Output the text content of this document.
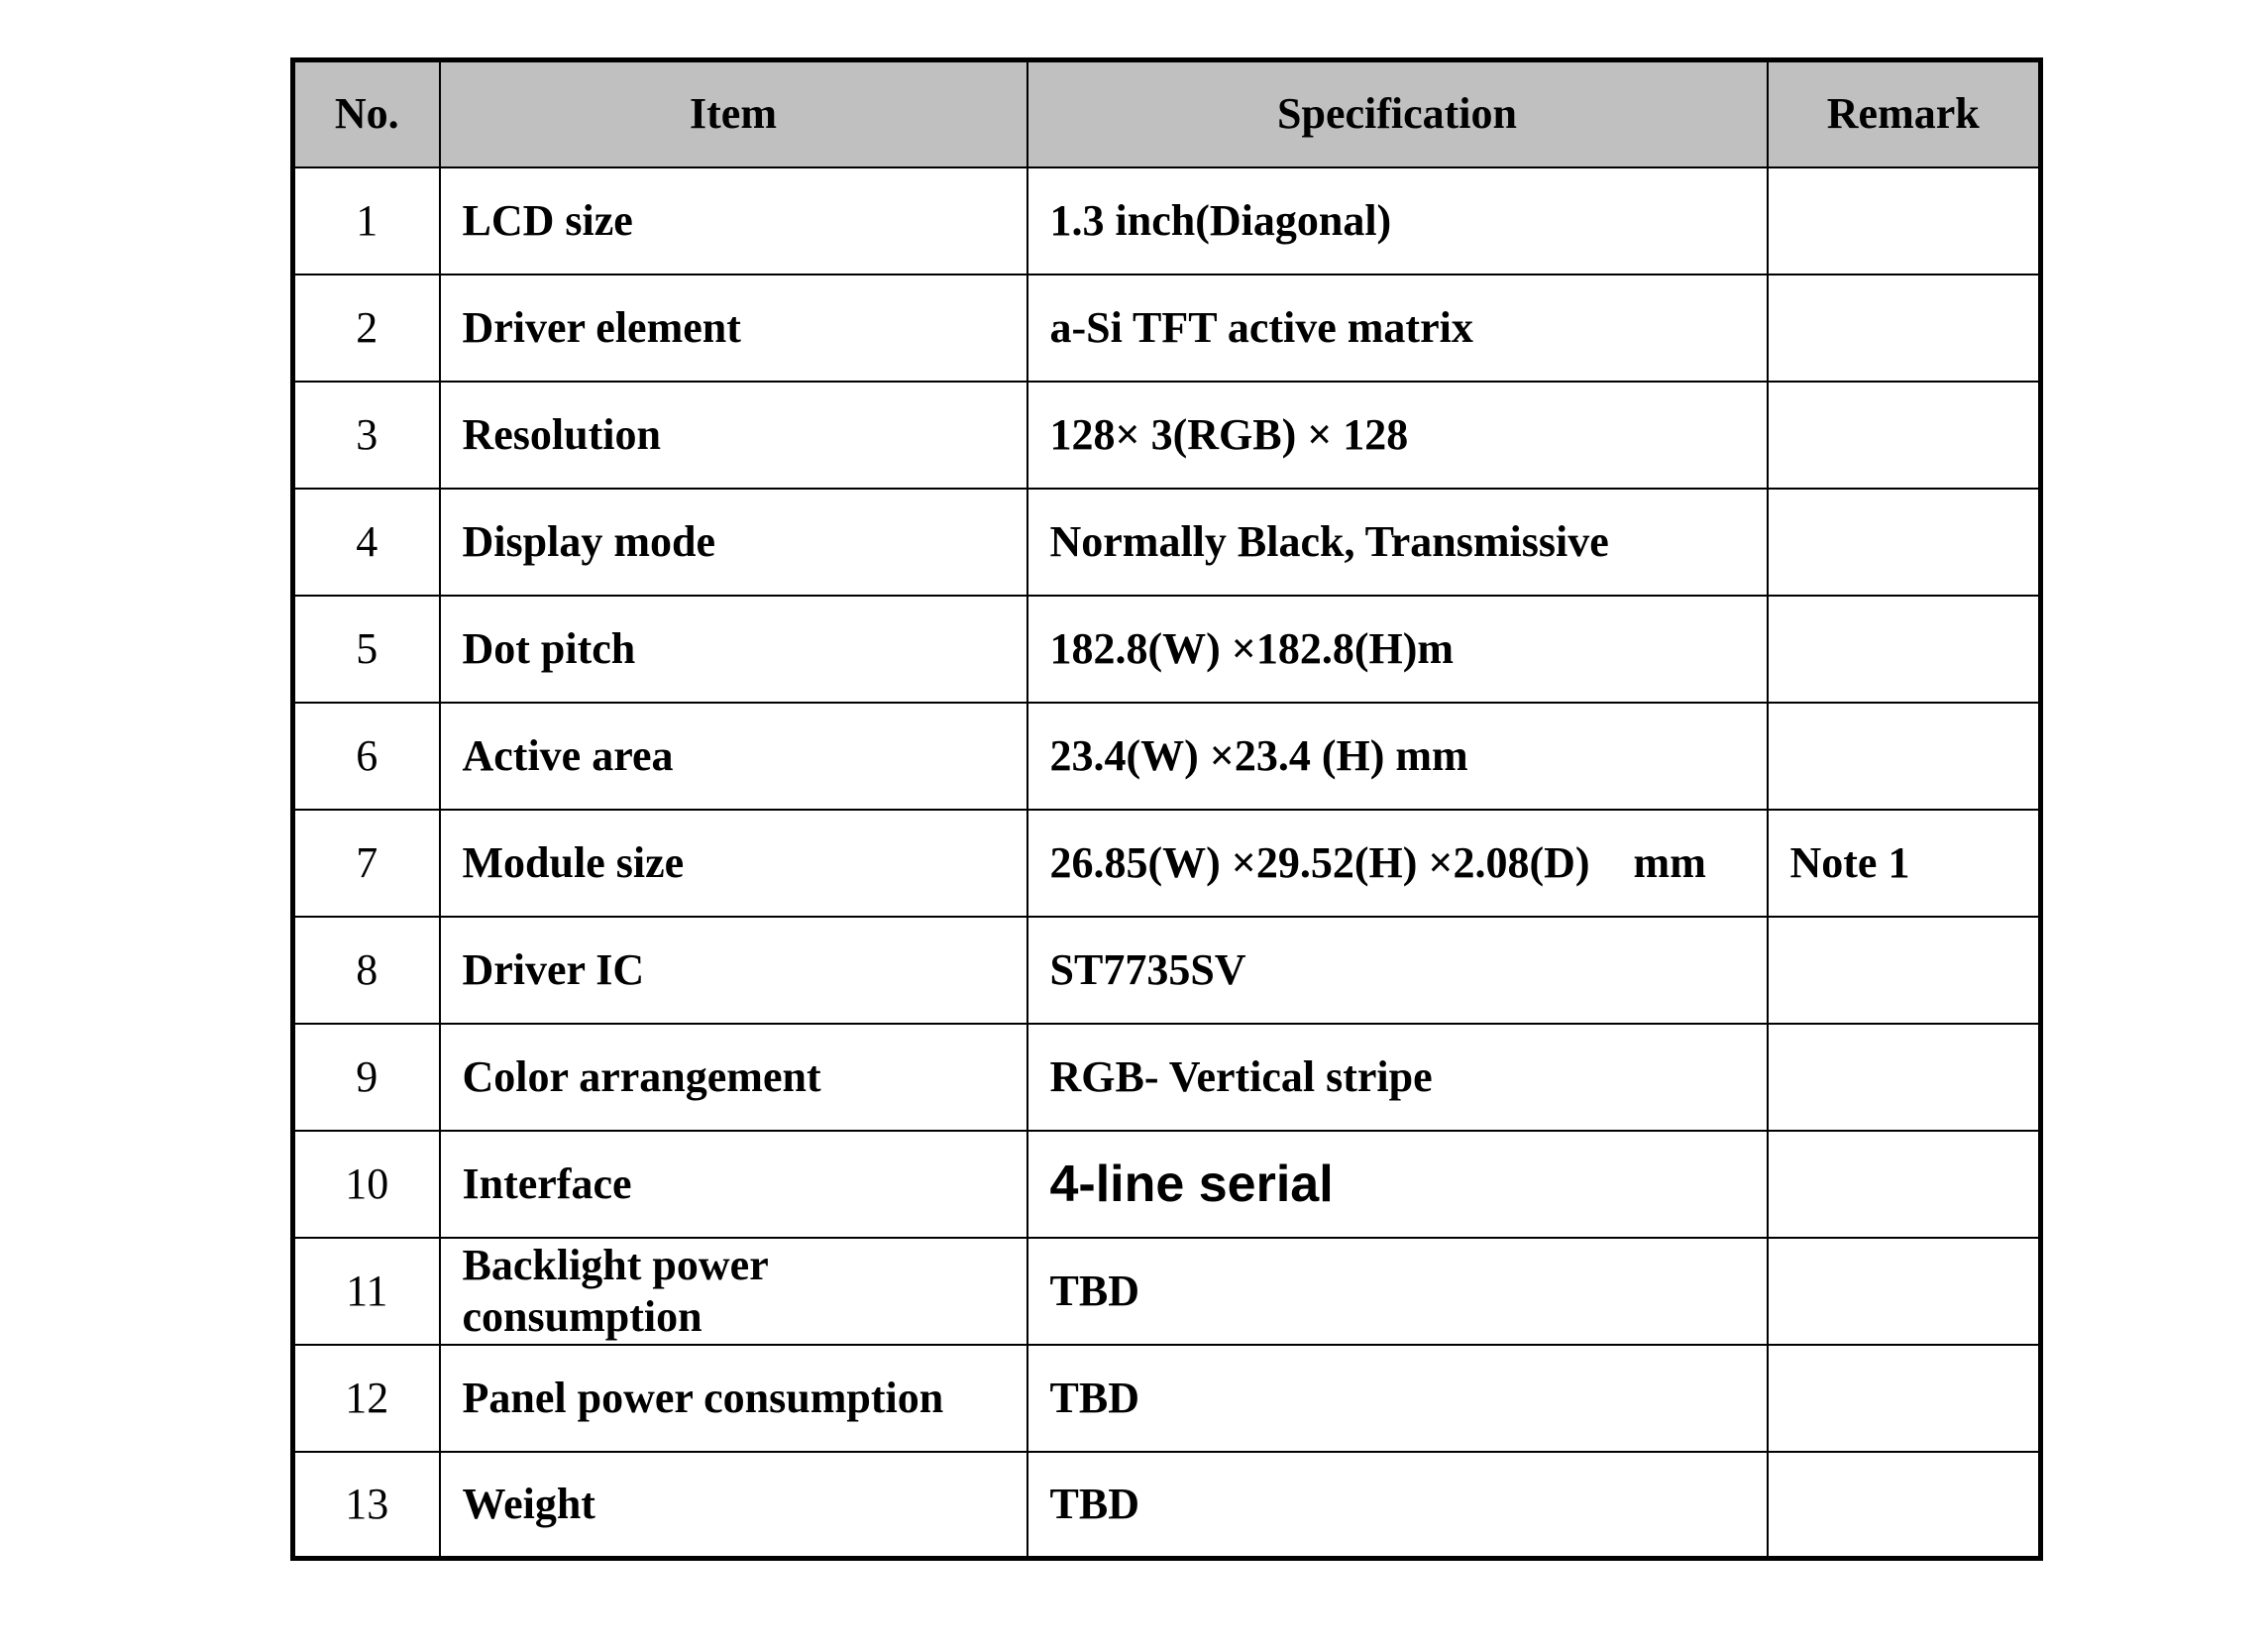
No.	Item	Specification	Remark
1	LCD size	1.3 inch(Diagonal)	
2	Driver element	a-Si TFT active matrix	
3	Resolution	128× 3(RGB) × 128	
4	Display mode	Normally Black, Transmissive	
5	Dot pitch	182.8(W) ×182.8(H)m	
6	Active area	23.4(W) ×23.4 (H) mm	
7	Module size	26.85(W) ×29.52(H) ×2.08(D)    mm	Note 1
8	Driver IC	ST7735SV	
9	Color arrangement	RGB- Vertical stripe	
10	Interface	4-line serial	
11	Backlight power consumption	TBD	
12	Panel power consumption	TBD	
13	Weight	TBD	
